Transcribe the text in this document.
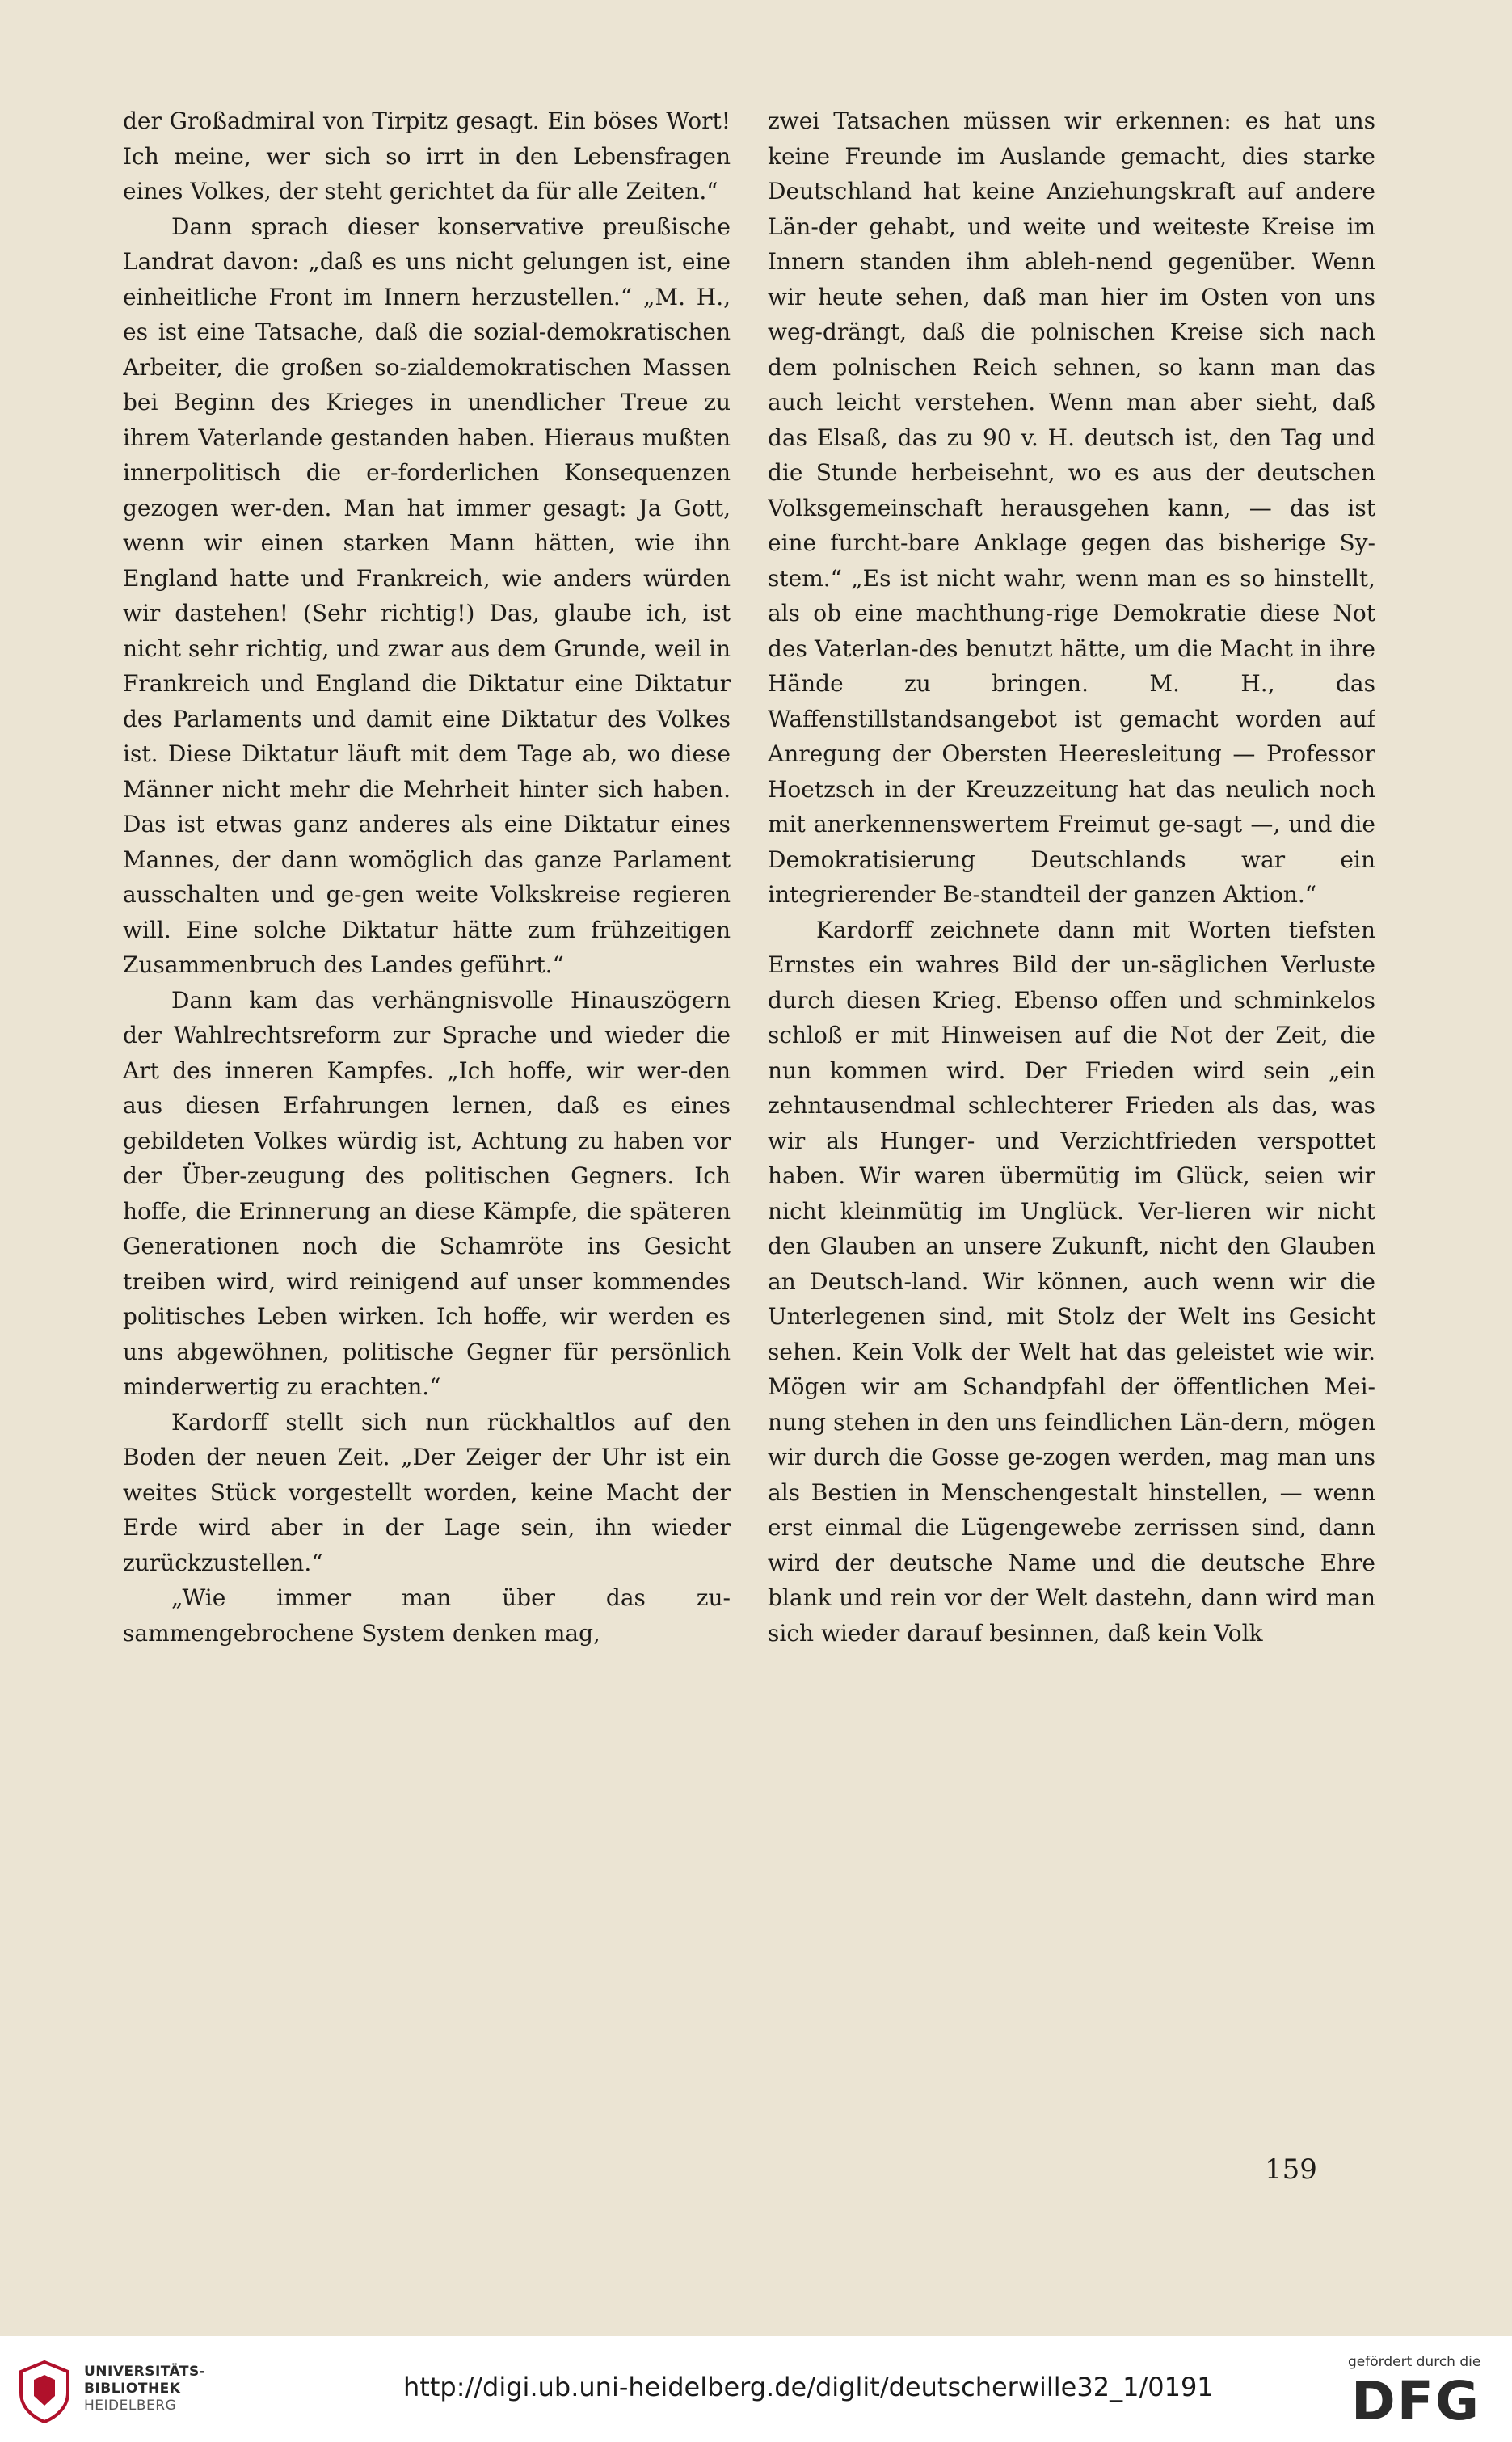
der Großadmiral von Tirpitz gesagt. Ein böses Wort! Ich meine, wer sich so irrt in den Lebensfragen eines Volkes, der steht gerichtet da für alle Zeiten.“

Dann sprach dieser konservative preußische Landrat davon: „daß es uns nicht gelungen ist, eine einheitliche Front im Innern herzustellen.“ „M. H., es ist eine Tatsache, daß die sozial-demokratischen Arbeiter, die großen so-zialdemokratischen Massen bei Beginn des Krieges in unendlicher Treue zu ihrem Vaterlande gestanden haben. Hieraus mußten innerpolitisch die er-forderlichen Konsequenzen gezogen wer-den. Man hat immer gesagt: Ja Gott, wenn wir einen starken Mann hätten, wie ihn England hatte und Frankreich, wie anders würden wir dastehen! (Sehr richtig!) Das, glaube ich, ist nicht sehr richtig, und zwar aus dem Grunde, weil in Frankreich und England die Diktatur eine Diktatur des Parlaments und damit eine Diktatur des Volkes ist. Diese Diktatur läuft mit dem Tage ab, wo diese Männer nicht mehr die Mehrheit hinter sich haben. Das ist etwas ganz anderes als eine Diktatur eines Mannes, der dann womöglich das ganze Parlament ausschalten und ge-gen weite Volkskreise regieren will. Eine solche Diktatur hätte zum frühzeitigen Zusammenbruch des Landes geführt.“

Dann kam das verhängnisvolle Hinauszögern der Wahlrechtsreform zur Sprache und wieder die Art des inneren Kampfes. „Ich hoffe, wir wer-den aus diesen Erfahrungen lernen, daß es eines gebildeten Volkes würdig ist, Achtung zu haben vor der Über-zeugung des politischen Gegners. Ich hoffe, die Erinnerung an diese Kämpfe, die späteren Generationen noch die Schamröte ins Gesicht treiben wird, wird reinigend auf unser kommendes politisches Leben wirken. Ich hoffe, wir werden es uns abgewöhnen, politische Gegner für persönlich minderwertig zu erachten.“

Kardorff stellt sich nun rückhaltlos auf den Boden der neuen Zeit. „Der Zeiger der Uhr ist ein weites Stück vorgestellt worden, keine Macht der Erde wird aber in der Lage sein, ihn wieder zurückzustellen.“

„Wie immer man über das zu-sammengebrochene System denken mag,

zwei Tatsachen müssen wir erkennen: es hat uns keine Freunde im Auslande gemacht, dies starke Deutschland hat keine Anziehungskraft auf andere Län-der gehabt, und weite und weiteste Kreise im Innern standen ihm ableh-nend gegenüber. Wenn wir heute sehen, daß man hier im Osten von uns weg-drängt, daß die polnischen Kreise sich nach dem polnischen Reich sehnen, so kann man das auch leicht verstehen. Wenn man aber sieht, daß das Elsaß, das zu 90 v. H. deutsch ist, den Tag und die Stunde herbeisehnt, wo es aus der deutschen Volksgemeinschaft herausgehen kann, — das ist eine furcht-bare Anklage gegen das bisherige Sy-stem.“ „Es ist nicht wahr, wenn man es so hinstellt, als ob eine machthung-rige Demokratie diese Not des Vaterlan-des benutzt hätte, um die Macht in ihre Hände zu bringen. M. H., das Waffenstillstandsangebot ist gemacht worden auf Anregung der Obersten Heeresleitung — Professor Hoetzsch in der Kreuzzeitung hat das neulich noch mit anerkennenswertem Freimut ge-sagt —, und die Demokratisierung Deutschlands war ein integrierender Be-standteil der ganzen Aktion.“

Kardorff zeichnete dann mit Worten tiefsten Ernstes ein wahres Bild der un-säglichen Verluste durch diesen Krieg. Ebenso offen und schminkelos schloß er mit Hinweisen auf die Not der Zeit, die nun kommen wird. Der Frieden wird sein „ein zehntausendmal schlechterer Frieden als das, was wir als Hunger- und Verzichtfrieden verspottet haben. Wir waren übermütig im Glück, seien wir nicht kleinmütig im Unglück. Ver-lieren wir nicht den Glauben an unsere Zukunft, nicht den Glauben an Deutsch-land. Wir können, auch wenn wir die Unterlegenen sind, mit Stolz der Welt ins Gesicht sehen. Kein Volk der Welt hat das geleistet wie wir. Mögen wir am Schandpfahl der öffentlichen Mei-nung stehen in den uns feindlichen Län-dern, mögen wir durch die Gosse ge-zogen werden, mag man uns als Bestien in Menschengestalt hinstellen, — wenn erst einmal die Lügengewebe zerrissen sind, dann wird der deutsche Name und die deutsche Ehre blank und rein vor der Welt dastehn, dann wird man sich wieder darauf besinnen, daß kein Volk

159
UNIVERSITÄTS-
BIBLIOTHEK
HEIDELBERG
http://digi.ub.uni-heidelberg.de/diglit/deutscherwille32_1/0191
gefördert durch die
DFG
